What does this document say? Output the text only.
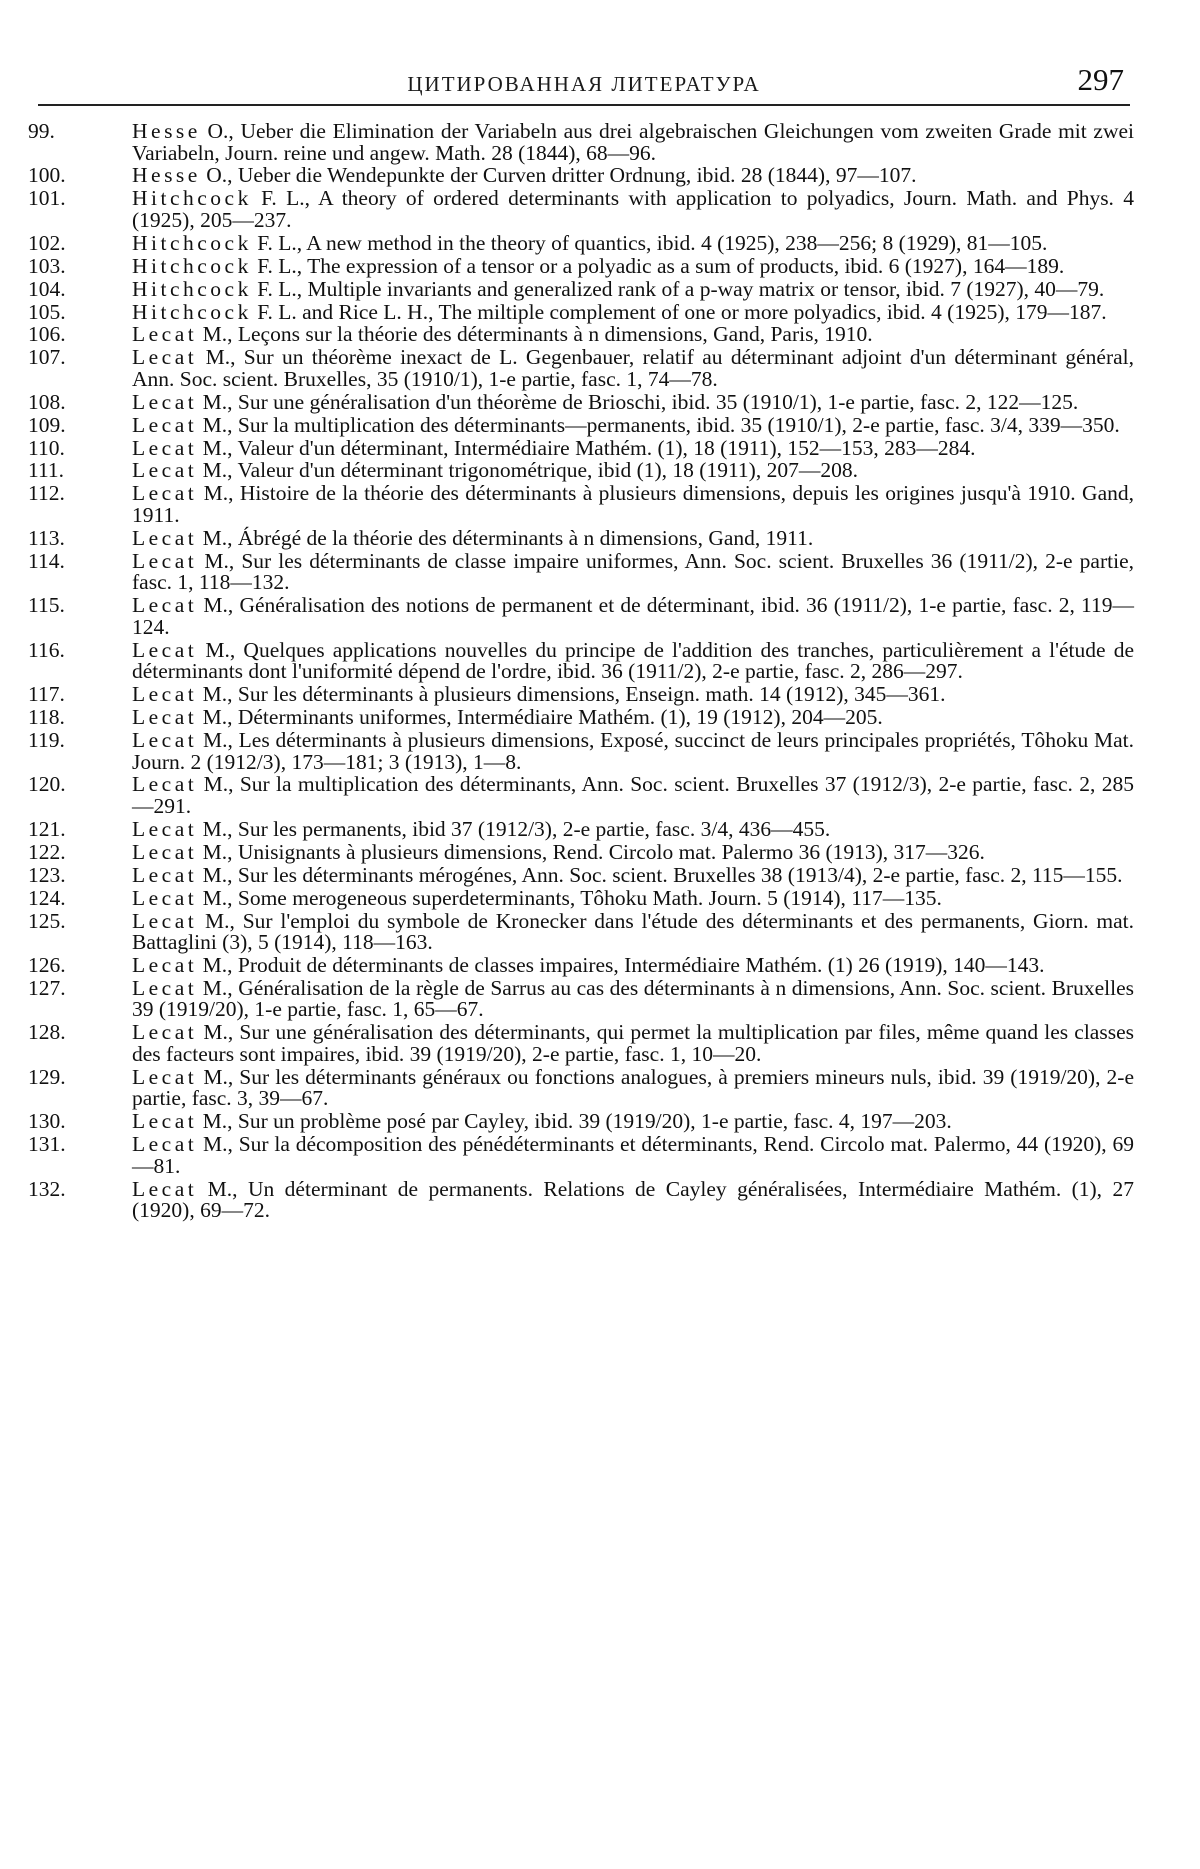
ЦИТИРОВАННАЯ ЛИТЕРАТУРА	297
99.	Hesse O., Ueber die Elimination der Variabeln aus drei algebraischen Gleichungen vom zweiten Grade mit zwei Variabeln, Journ. reine und angew. Math. 28 (1844), 68—96.
100.	Hesse O., Ueber die Wendepunkte der Curven dritter Ordnung, ibid. 28 (1844), 97—107.
101.	Hitchcock F. L., A theory of ordered determinants with application to polyadics, Journ. Math. and Phys. 4 (1925), 205—237.
102.	Hitchcock F. L., A new method in the theory of quantics, ibid. 4 (1925), 238—256; 8 (1929), 81—105.
103.	Hitchcock F. L., The expression of a tensor or a polyadic as a sum of products, ibid. 6 (1927), 164—189.
104.	Hitchcock F. L., Multiple invariants and generalized rank of a p-way matrix or tensor, ibid. 7 (1927), 40—79.
105.	Hitchcock F. L. and Rice L. H., The miltiple complement of one or more polyadics, ibid. 4 (1925), 179—187.
106.	Lecat M., Leçons sur la théorie des déterminants à n dimensions, Gand, Paris, 1910.
107.	Lecat M., Sur un théorème inexact de L. Gegenbauer, relatif au déterminant adjoint d'un déterminant général, Ann. Soc. scient. Bruxelles, 35 (1910/1), 1-e partie, fasc. 1, 74—78.
108.	Lecat M., Sur une généralisation d'un théorème de Brioschi, ibid. 35 (1910/1), 1-e partie, fasc. 2, 122—125.
109.	Lecat M., Sur la multiplication des déterminants—permanents, ibid. 35 (1910/1), 2-e partie, fasc. 3/4, 339—350.
110.	Lecat M., Valeur d'un déterminant, Intermédiaire Mathém. (1), 18 (1911), 152—153, 283—284.
111.	Lecat M., Valeur d'un déterminant trigonométrique, ibid (1), 18 (1911), 207—208.
112.	Lecat M., Histoire de la théorie des déterminants à plusieurs dimensions, depuis les origines jusqu'à 1910. Gand, 1911.
113.	Lecat M., Ábrégé de la théorie des déterminants à n dimensions, Gand, 1911.
114.	Lecat M., Sur les déterminants de classe impaire uniformes, Ann. Soc. scient. Bruxelles 36 (1911/2), 2-e partie, fasc. 1, 118—132.
115.	Lecat M., Généralisation des notions de permanent et de déterminant, ibid. 36 (1911/2), 1-e partie, fasc. 2, 119—124.
116.	Lecat M., Quelques applications nouvelles du principe de l'addition des tranches, particulièrement a l'étude de déterminants dont l'uniformité dépend de l'ordre, ibid. 36 (1911/2), 2-e partie, fasc. 2, 286—297.
117.	Lecat M., Sur les déterminants à plusieurs dimensions, Enseign. math. 14 (1912), 345—361.
118.	Lecat M., Déterminants uniformes, Intermédiaire Mathém. (1), 19 (1912), 204—205.
119.	Lecat M., Les déterminants à plusieurs dimensions, Exposé, succinct de leurs principales propriétés, Tôhoku Mat. Journ. 2 (1912/3), 173—181; 3 (1913), 1—8.
120.	Lecat M., Sur la multiplication des déterminants, Ann. Soc. scient. Bruxelles 37 (1912/3), 2-e partie, fasc. 2, 285—291.
121.	Lecat M., Sur les permanents, ibid 37 (1912/3), 2-e partie, fasc. 3/4, 436—455.
122.	Lecat M., Unisignants à plusieurs dimensions, Rend. Circolo mat. Palermo 36 (1913), 317—326.
123.	Lecat M., Sur les déterminants mérogénes, Ann. Soc. scient. Bruxelles 38 (1913/4), 2-e partie, fasc. 2, 115—155.
124.	Lecat M., Some merogeneous superdeterminants, Tôhoku Math. Journ. 5 (1914), 117—135.
125.	Lecat M., Sur l'emploi du symbole de Kronecker dans l'étude des déterminants et des permanents, Giorn. mat. Battaglini (3), 5 (1914), 118—163.
126.	Lecat M., Produit de déterminants de classes impaires, Intermédiaire Mathém. (1) 26 (1919), 140—143.
127.	Lecat M., Généralisation de la règle de Sarrus au cas des déterminants à n dimensions, Ann. Soc. scient. Bruxelles 39 (1919/20), 1-e partie, fasc. 1, 65—67.
128.	Lecat M., Sur une généralisation des déterminants, qui permet la multiplication par files, même quand les classes des facteurs sont impaires, ibid. 39 (1919/20), 2-e partie, fasc. 1, 10—20.
129.	Lecat M., Sur les déterminants généraux ou fonctions analogues, à premiers mineurs nuls, ibid. 39 (1919/20), 2-e partie, fasc. 3, 39—67.
130.	Lecat M., Sur un problème posé par Cayley, ibid. 39 (1919/20), 1-e partie, fasc. 4, 197—203.
131.	Lecat M., Sur la décomposition des pénédéterminants et déterminants, Rend. Circolo mat. Palermo, 44 (1920), 69—81.
132.	Lecat M., Un déterminant de permanents. Relations de Cayley généralisées, Intermédiaire Mathém. (1), 27 (1920), 69—72.
